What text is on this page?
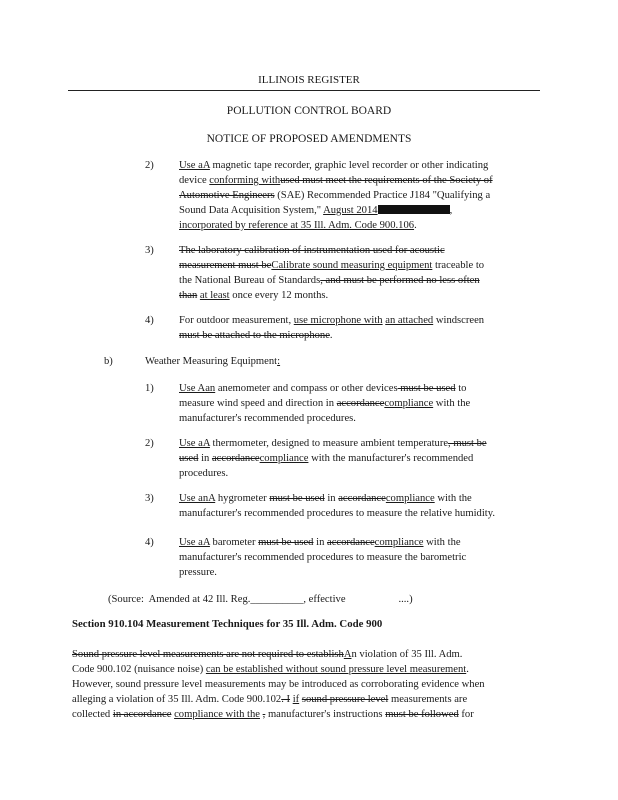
ILLINOIS REGISTER
POLLUTION CONTROL BOARD
NOTICE OF PROPOSED AMENDMENTS
2) Use aA magnetic tape recorder, graphic level recorder or other indicating
device conforming withused must meet the requirements of the Society of
Automotive Engineers (SAE) Recommended Practice J184 "Qualifying a
Sound Data Acquisition System," August 2014	,
incorporated by reference at 35 Ill. Adm. Code 900.106.
3) The laboratory calibration of instrumentation used for acoustic
measurement must beCalibrate sound measuring equipment traceable to
the National Bureau of Standards, and must be performed no less often
than at least once every 12 months.
4) For outdoor measurement, use microphone with an attached windscreen
must be attached to the microphone.
b)	Weather Measuring Equipment:
1) Use Aan anemometer and compass or other devices must be used to
measure wind speed and direction in accordancecompliance with the
manufacturer's recommended procedures.
2) Use aA thermometer, designed to measure ambient temperature, must be
used in accordancecompliance with the manufacturer's recommended
procedures.
3) Use anA hygrometer must be used in accordancecompliance with the
manufacturer's recommended procedures to measure the relative humidity.
4) Use aA barometer must be used in accordancecompliance with the
manufacturer's recommended procedures to measure the barometric
pressure.
(Source:  Amended at 42 Ill. Reg.__________, effective                    ....)
Section 910.104 Measurement Techniques for 35 Ill. Adm. Code 900
Sound pressure level measurements are not required to establishAn violation of 35 Ill. Adm.
Code 900.102 (nuisance noise) can be established without sound pressure level measurement.
However, sound pressure level measurements may be introduced as corroborating evidence when
alleging a violation of 35 Ill. Adm. Code 900.102. I if sound pressure level measurements are
collected in accordance compliance with the , manufacturer's instructions must be followed for
